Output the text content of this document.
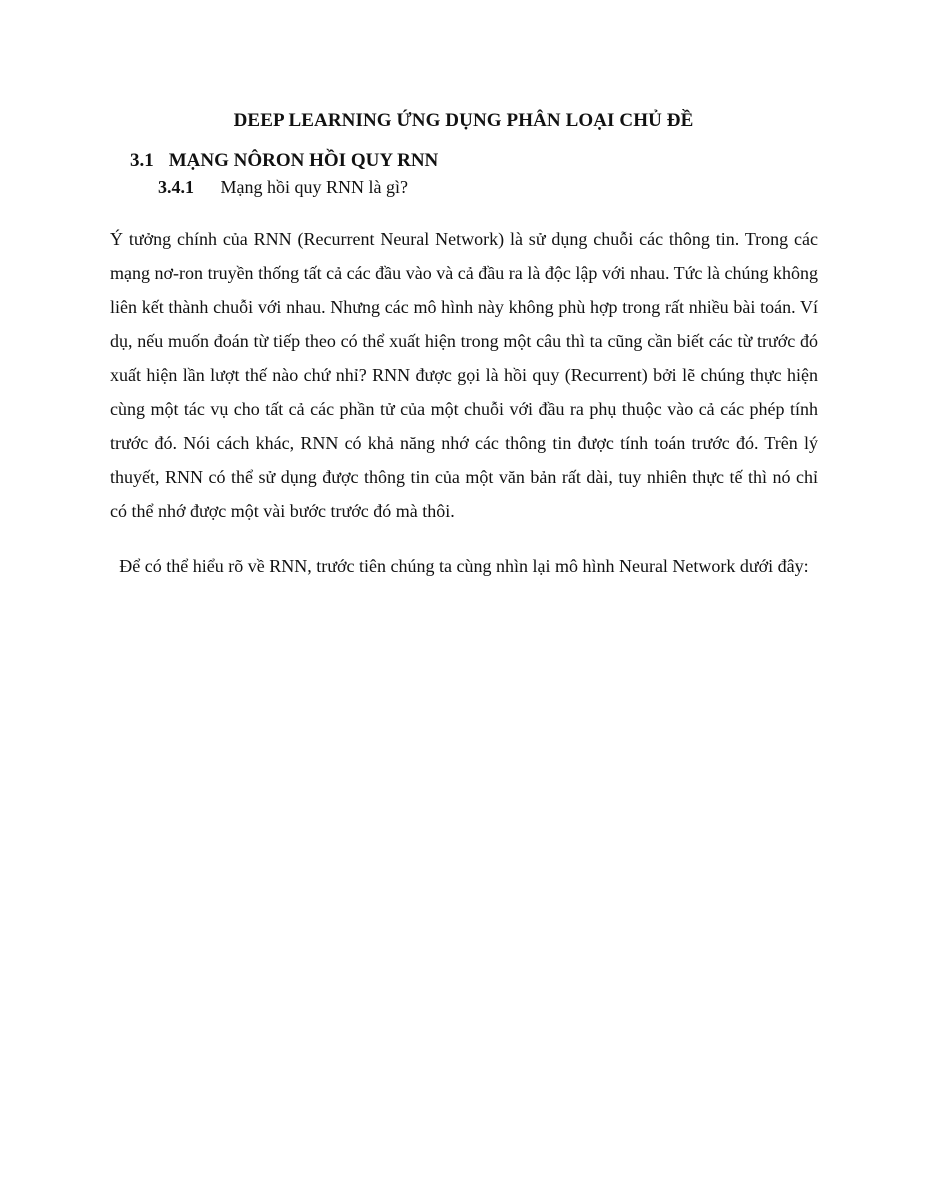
DEEP LEARNING ỨNG DỤNG PHÂN LOẠI CHỦ ĐỀ
3.1 MẠNG NÔRON HỒI QUY RNN
3.4.1 Mạng hồi quy RNN là gì?

Ý tưởng chính của RNN (Recurrent Neural Network) là sử dụng chuỗi các thông tin. Trong các mạng nơ-ron truyền thống tất cả các đầu vào và cả đầu ra là độc lập với nhau. Tức là chúng không liên kết thành chuỗi với nhau. Nhưng các mô hình này không phù hợp trong rất nhiều bài toán. Ví dụ, nếu muốn đoán từ tiếp theo có thể xuất hiện trong một câu thì ta cũng cần biết các từ trước đó xuất hiện lần lượt thế nào chứ nhỉ? RNN được gọi là hồi quy (Recurrent) bởi lẽ chúng thực hiện cùng một tác vụ cho tất cả các phần tử của một chuỗi với đầu ra phụ thuộc vào cả các phép tính trước đó. Nói cách khác, RNN có khả năng nhớ các thông tin được tính toán trước đó. Trên lý thuyết, RNN có thể sử dụng được thông tin của một văn bản rất dài, tuy nhiên thực tế thì nó chỉ có thể nhớ được một vài bước trước đó mà thôi.

Để có thể hiểu rõ về RNN, trước tiên chúng ta cùng nhìn lại mô hình Neural Network dưới đây:
